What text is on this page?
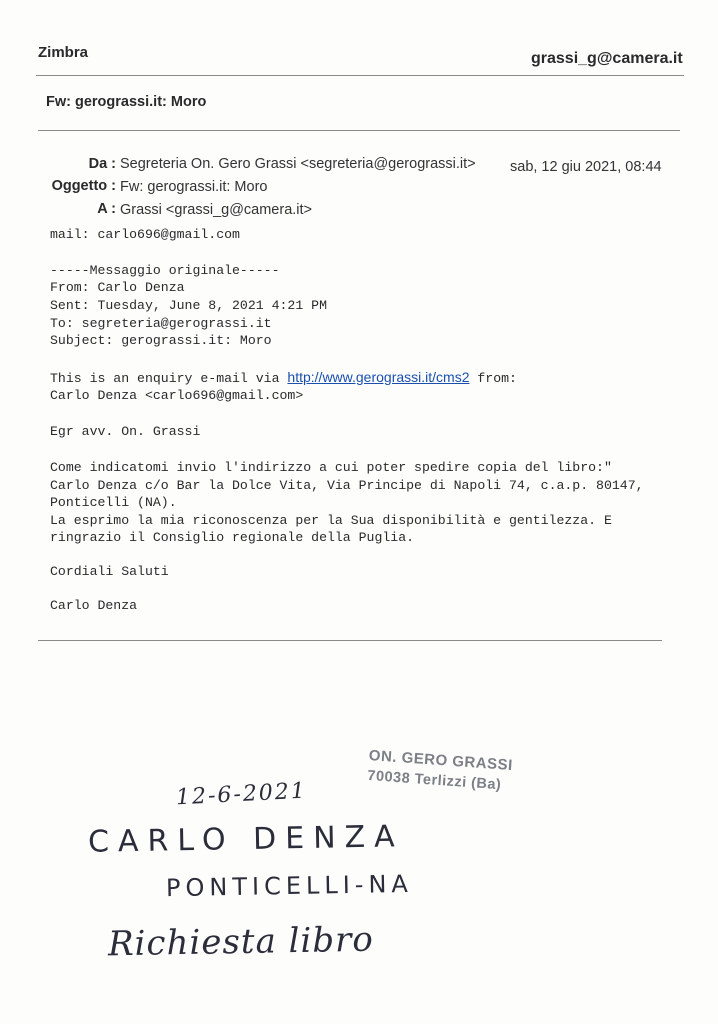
Zimbra	grassi_g@camera.it
Fw: gerograssi.it: Moro
Da : Segreteria On. Gero Grassi <segreteria@gerograssi.it> sab, 12 giu 2021, 08:44
Oggetto : Fw: gerograssi.it: Moro
A : Grassi <grassi_g@camera.it>
mail: carlo696@gmail.com
-----Messaggio originale-----
From: Carlo Denza
Sent: Tuesday, June 8, 2021 4:21 PM
To: segreteria@gerograssi.it
Subject: gerograssi.it: Moro
This is an enquiry e-mail via http://www.gerograssi.it/cms2 from:
Carlo Denza <carlo696@gmail.com>
Egr avv. On. Grassi
Come indicatomi invio l'indirizzo a cui poter spedire copia del libro:"
Carlo Denza c/o Bar la Dolce Vita, Via Principe di Napoli 74, c.a.p. 80147,
Ponticelli (NA).
La esprimo la mia riconoscenza per la Sua disponibilità e gentilezza. E
ringrazio il Consiglio regionale della Puglia.
Cordiali Saluti
Carlo Denza
ON. GERO GRASSI
70038 Terlizzi (Ba)
12-6-2021
CARLO DENZA
PONTICELLI-NA
Richiesta libro
